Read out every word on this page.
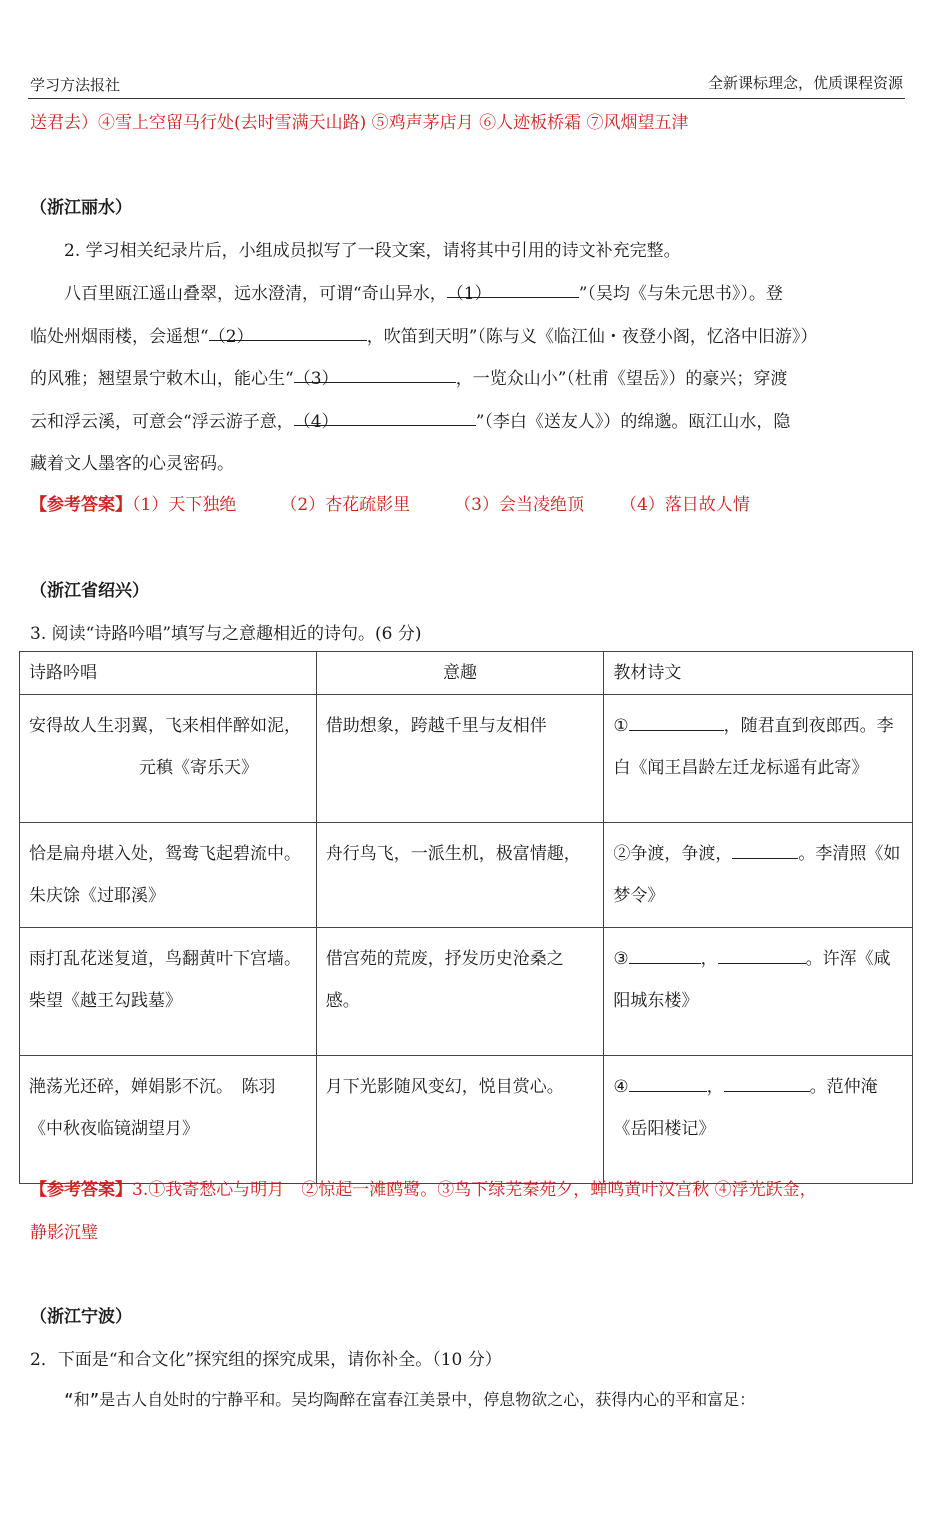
学习方法报社	全新课标理念，优质课程资源
送君去）④雪上空留马行处(去时雪满天山路) ⑤鸡声茅店月 ⑥人迹板桥霜 ⑦风烟望五津
（浙江丽水）
2. 学习相关纪录片后，小组成员拟写了一段文案，请将其中引用的诗文补充完整。
八百里瓯江遥山叠翠，远水澄清，可谓“奇山异水，（1）	”（吴均《与朱元思书》）。登
临处州烟雨楼，会遥想“（2）	，吹笛到天明”（陈与义《临江仙・夜登小阁，忆洛中旧游》）
的风雅；翘望景宁敕木山，能心生“（3）	，一览众山小”（杜甫《望岳》）的豪兴；穿渡
云和浮云溪，可意会“浮云游子意，（4）	”（李白《送友人》）的绵邈。瓯江山水，隐
藏着文人墨客的心灵密码。
【参考答案】（1）天下独绝	（2）杏花疏影里	（3）会当凌绝顶 （4）落日故人情
（浙江省绍兴）
3. 阅读“诗路吟唱”填写与之意趣相近的诗句。(6 分)
诗路吟唱	意趣	教材诗文
安得故人生羽翼，飞来相伴醉如泥，
元稹《寄乐天》	借助想象，跨越千里与友相伴	① ，随君直到夜郎西。李白《闻王昌龄左迁龙标遥有此寄》
恰是扁舟堪入处，鸳鸯飞起碧流中。朱庆馀《过耶溪》	舟行鸟飞，一派生机，极富情趣，	②争渡，争渡， 。李清照《如梦令》
雨打乱花迷复道，鸟翻黄叶下宫墙。柴望《越王勾践墓》	借宫苑的荒废，抒发历史沧桑之感。	③ ， 。许浑《咸阳城东楼》
滟荡光还碎，婵娟影不沉。　陈羽《中秋夜临镜湖望月》	月下光影随风变幻，悦目赏心。	④ ， 。范仲淹《岳阳楼记》
【参考答案】3.①我寄愁心与明月　②惊起一滩鸥鹭。③鸟下绿芜秦苑夕，蝉鸣黄叶汉宫秋 ④浮光跃金，
静影沉璧
（浙江宁波）
2．下面是“和合文化”探究组的探究成果，请你补全。（10 分）
“和”是古人自处时的宁静平和。吴均陶醉在富春江美景中，停息物欲之心，获得内心的平和富足：
